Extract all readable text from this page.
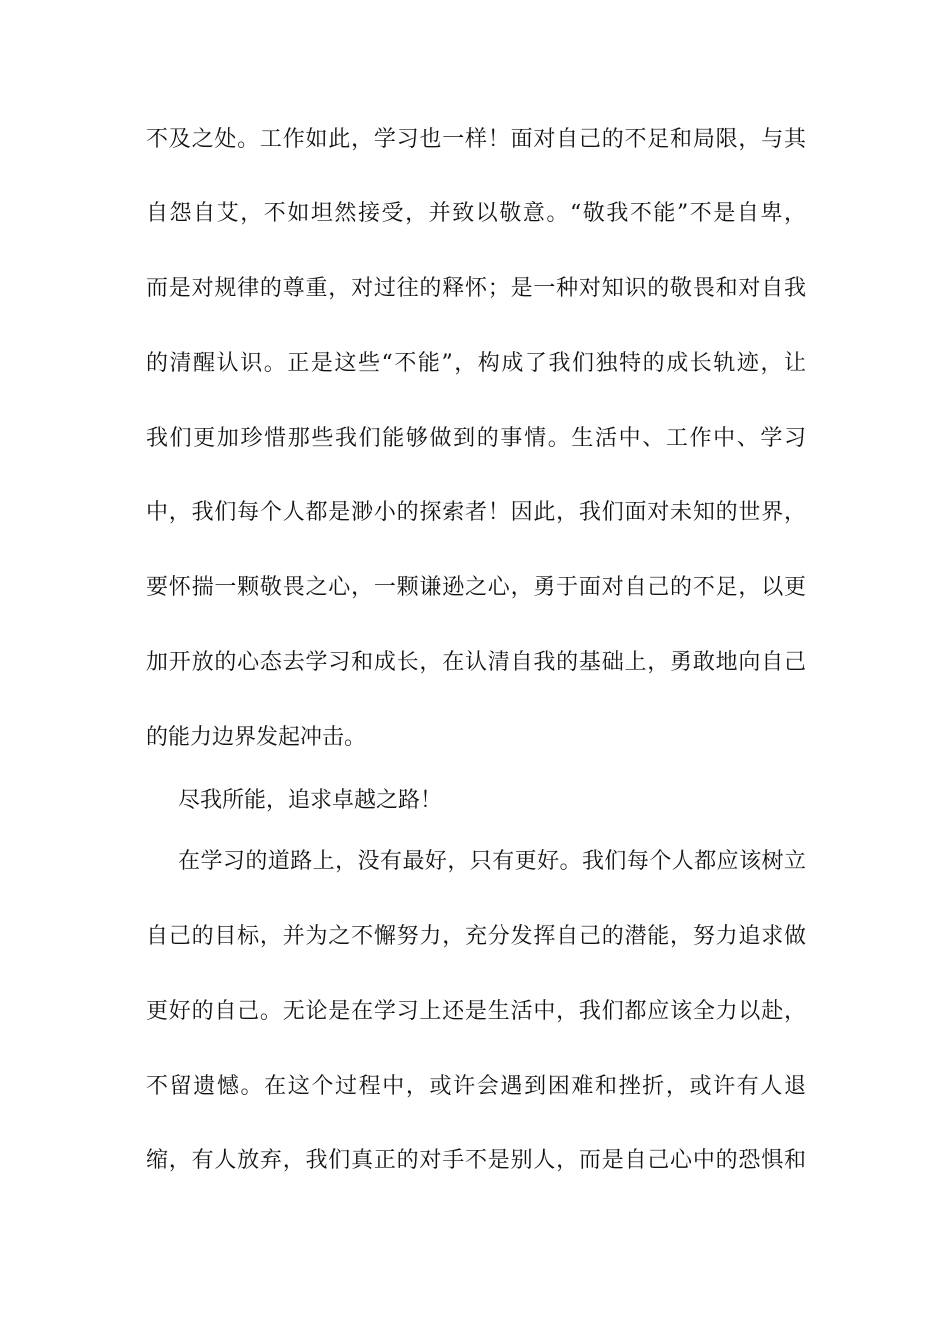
不及之处。工作如此，学习也一样！面对自己的不足和局限，与其
自怨自艾，不如坦然接受，并致以敬意。“敬我不能”不是自卑，
而是对规律的尊重，对过往的释怀；是一种对知识的敬畏和对自我
的清醒认识。正是这些“不能”，构成了我们独特的成长轨迹，让
我们更加珍惜那些我们能够做到的事情。生活中、工作中、学习
中，我们每个人都是渺小的探索者！因此，我们面对未知的世界，
要怀揣一颗敬畏之心，一颗谦逊之心，勇于面对自己的不足，以更
加开放的心态去学习和成长，在认清自我的基础上，勇敢地向自己
的能力边界发起冲击。
尽我所能，追求卓越之路！
在学习的道路上，没有最好，只有更好。我们每个人都应该树立
自己的目标，并为之不懈努力，充分发挥自己的潜能，努力追求做
更好的自己。无论是在学习上还是生活中，我们都应该全力以赴，
不留遗憾。在这个过程中，或许会遇到困难和挫折，或许有人退
缩，有人放弃，我们真正的对手不是别人，而是自己心中的恐惧和
